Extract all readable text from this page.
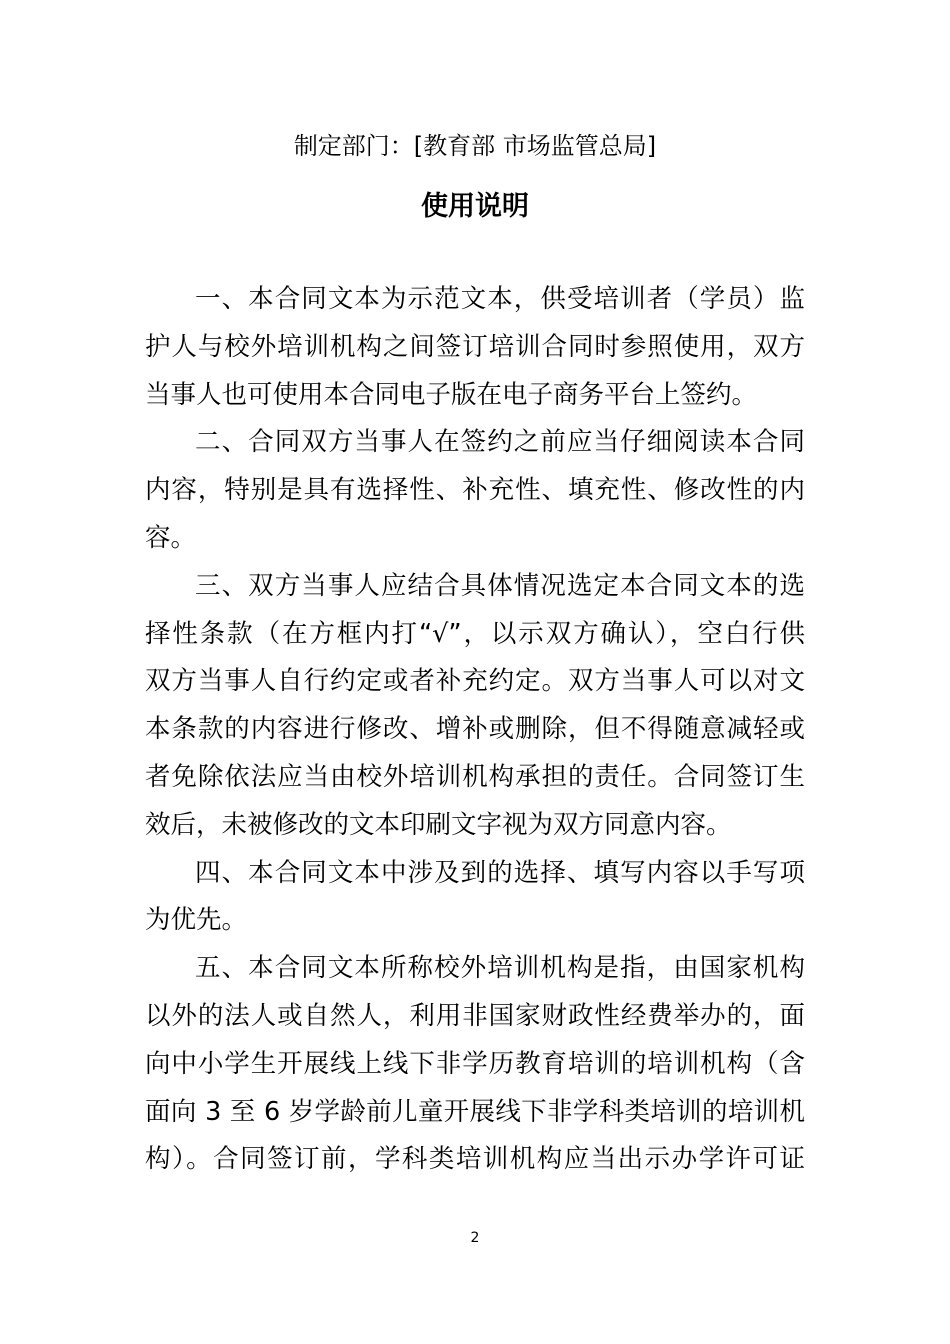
制定部门：[教育部 市场监管总局]
使用说明
一、本合同文本为示范文本，供受培训者（学员）监
护人与校外培训机构之间签订培训合同时参照使用，双方
当事人也可使用本合同电子版在电子商务平台上签约。
二、合同双方当事人在签约之前应当仔细阅读本合同
内容，特别是具有选择性、补充性、填充性、修改性的内
容。
三、双方当事人应结合具体情况选定本合同文本的选
择性条款（在方框内打“√”，以示双方确认），空白行供
双方当事人自行约定或者补充约定。双方当事人可以对文
本条款的内容进行修改、增补或删除，但不得随意减轻或
者免除依法应当由校外培训机构承担的责任。合同签订生
效后，未被修改的文本印刷文字视为双方同意内容。
四、本合同文本中涉及到的选择、填写内容以手写项
为优先。
五、本合同文本所称校外培训机构是指，由国家机构
以外的法人或自然人，利用非国家财政性经费举办的，面
向中小学生开展线上线下非学历教育培训的培训机构（含
面向 3 至 6 岁学龄前儿童开展线下非学科类培训的培训机
构）。合同签订前，学科类培训机构应当出示办学许可证
2
